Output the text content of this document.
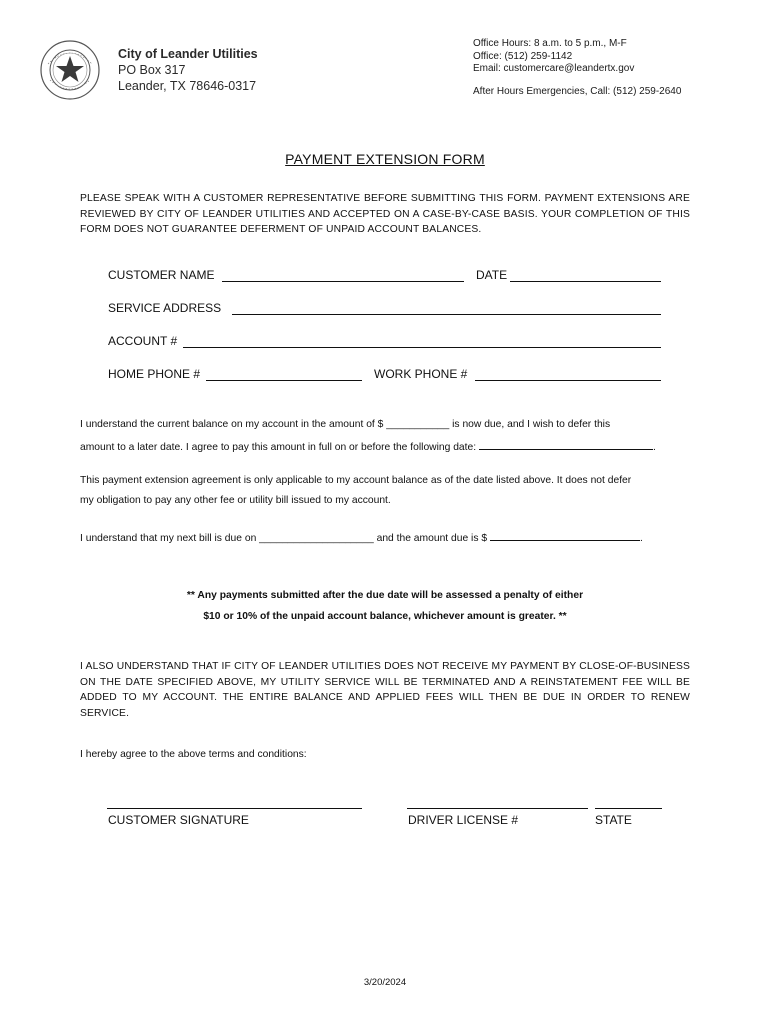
City of Leander Utilities
PO Box 317
Leander, TX 78646-0317
Office Hours: 8 a.m. to 5 p.m., M-F
Office: (512) 259-1142
Email: customercare@leandertx.gov
After Hours Emergencies, Call: (512) 259-2640
PAYMENT EXTENSION FORM
PLEASE SPEAK WITH A CUSTOMER REPRESENTATIVE BEFORE SUBMITTING THIS FORM. PAYMENT EXTENSIONS ARE REVIEWED BY CITY OF LEANDER UTILITIES AND ACCEPTED ON A CASE-BY-CASE BASIS. YOUR COMPLETION OF THIS FORM DOES NOT GUARANTEE DEFERMENT OF UNPAID ACCOUNT BALANCES.
CUSTOMER NAME	DATE
SERVICE ADDRESS
ACCOUNT #
HOME PHONE #	WORK PHONE #
I understand the current balance on my account in the amount of $ ___________ is now due, and I wish to defer this
amount to a later date. I agree to pay this amount in full on or before the following date:	.
This payment extension agreement is only applicable to my account balance as of the date listed above. It does not defer
my obligation to pay any other fee or utility bill issued to my account.
I understand that my next bill is due on ____________________ and the amount due is $	.
** Any payments submitted after the due date will be assessed a penalty of either
$10 or 10% of the unpaid account balance, whichever amount is greater. **
I ALSO UNDERSTAND THAT IF CITY OF LEANDER UTILITIES DOES NOT RECEIVE MY PAYMENT BY CLOSE-OF-BUSINESS ON THE DATE SPECIFIED ABOVE, MY UTILITY SERVICE WILL BE TERMINATED AND A REINSTATEMENT FEE WILL BE ADDED TO MY ACCOUNT. THE ENTIRE BALANCE AND APPLIED FEES WILL THEN BE DUE IN ORDER TO RENEW SERVICE.
I hereby agree to the above terms and conditions:
CUSTOMER SIGNATURE	DRIVER LICENSE #	STATE
3/20/2024
